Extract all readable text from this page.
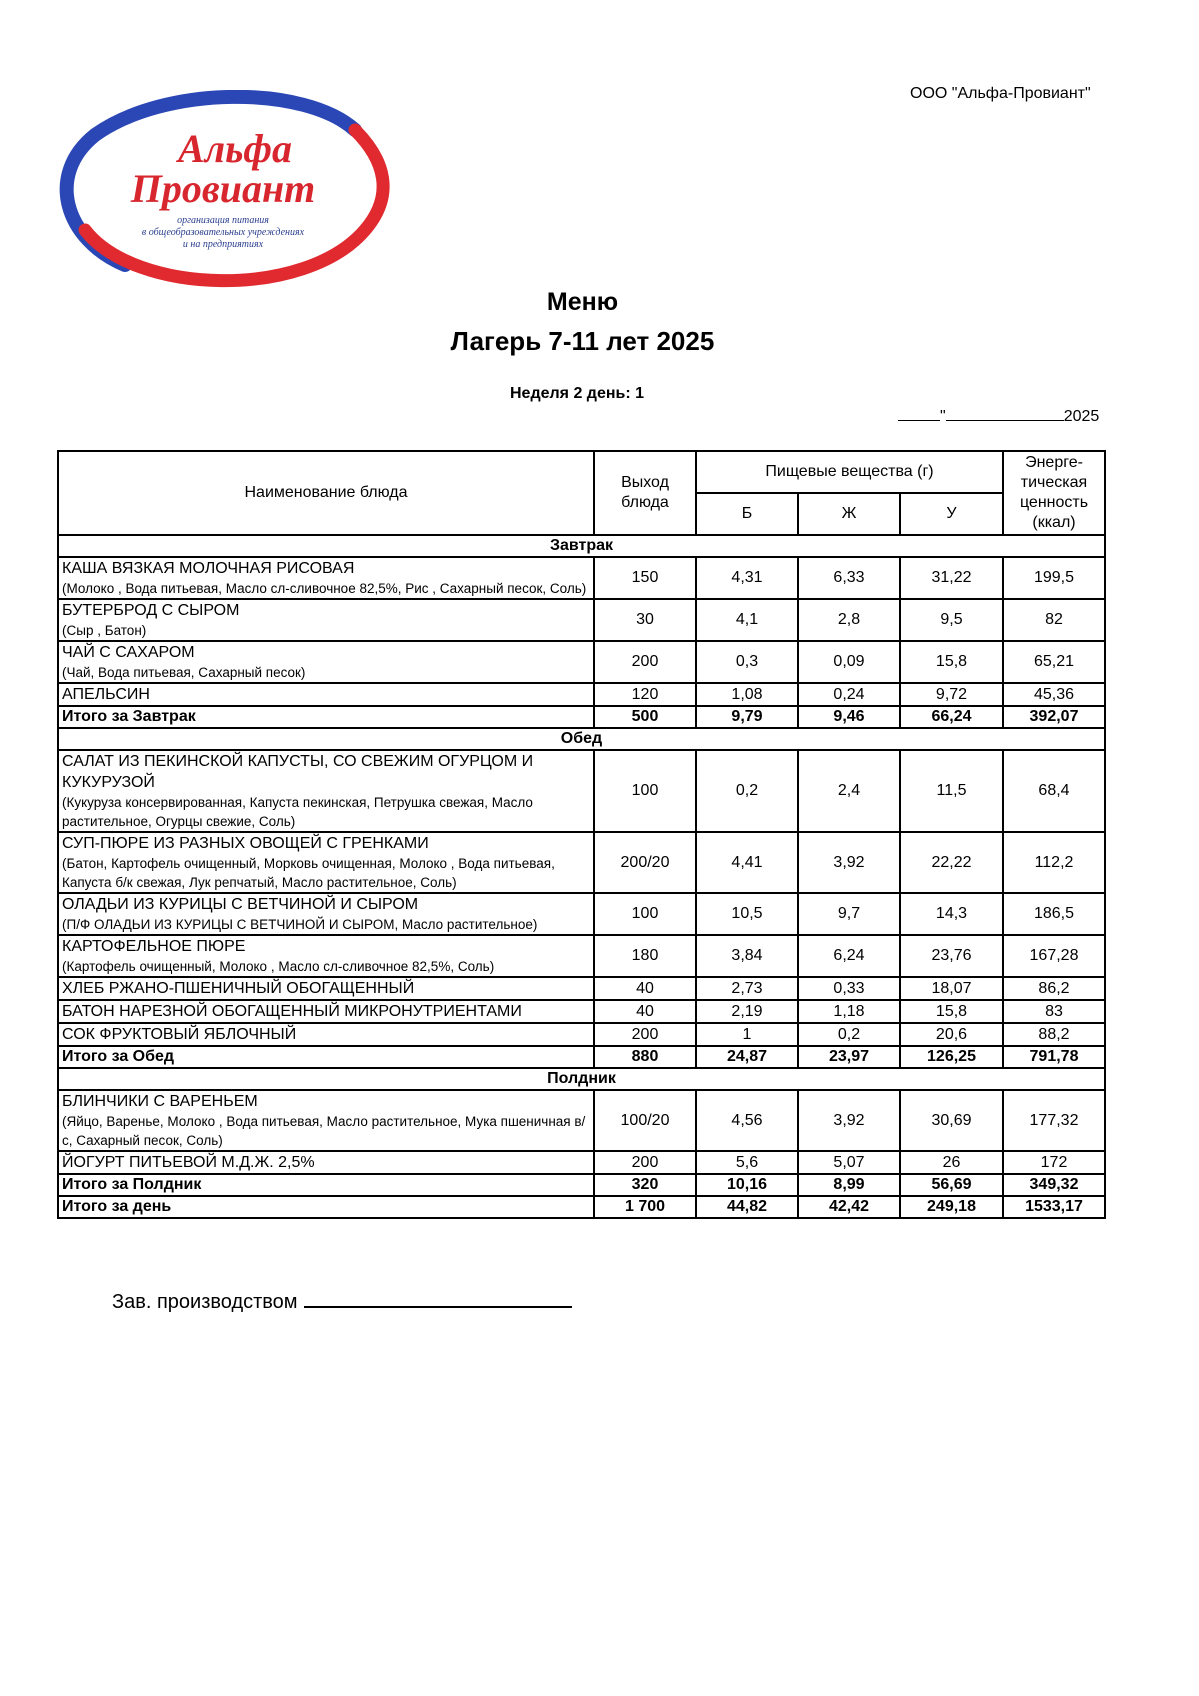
ООО "Альфа-Провиант"
Альфа
Провиант
организация питания
в общеобразовательных учреждениях
и на предприятиях
Меню
Лагерь 7-11 лет 2025
Неделя 2 день: 1
"	2025
Наименование блюда	Выход блюда	Пищевые вещества (г)			Энерге-тическая ценность (ккал)
		Б	Ж	У	
Завтрак					

КАША ВЯЗКАЯ МОЛОЧНАЯ РИСОВАЯ
(Молоко , Вода питьевая, Масло сл-сливочное 82,5%, Рис , Сахарный песок, Соль)	150	4,31	6,33	31,22	199,5

БУТЕРБРОД С СЫРОМ
(Сыр , Батон)	30	4,1	2,8	9,5	82

ЧАЙ С САХАРОМ
(Чай, Вода питьевая, Сахарный песок)	200	0,3	0,09	15,8	65,21

АПЕЛЬСИН	120	1,08	0,24	9,72	45,36
Итого за Завтрак	500	9,79	9,46	66,24	392,07
Обед					

САЛАТ ИЗ ПЕКИНСКОЙ КАПУСТЫ, СО СВЕЖИМ ОГУРЦОМ И КУКУРУЗОЙ
(Кукуруза консервированная, Капуста пекинская, Петрушка свежая, Масло растительное, Огурцы свежие, Соль)	100	0,2	2,4	11,5	68,4

СУП-ПЮРЕ ИЗ РАЗНЫХ ОВОЩЕЙ С ГРЕНКАМИ
(Батон, Картофель очищенный, Морковь очищенная, Молоко , Вода питьевая, Капуста б/к свежая, Лук репчатый, Масло растительное, Соль)	200/20	4,41	3,92	22,22	112,2

ОЛАДЬИ ИЗ КУРИЦЫ С ВЕТЧИНОЙ И СЫРОМ
(П/Ф ОЛАДЬИ ИЗ КУРИЦЫ С ВЕТЧИНОЙ И СЫРОМ, Масло растительное)	100	10,5	9,7	14,3	186,5

КАРТОФЕЛЬНОЕ ПЮРЕ
(Картофель очищенный, Молоко , Масло сл-сливочное 82,5%, Соль)	180	3,84	6,24	23,76	167,28

ХЛЕБ РЖАНО-ПШЕНИЧНЫЙ ОБОГАЩЕННЫЙ	40	2,73	0,33	18,07	86,2

БАТОН НАРЕЗНОЙ ОБОГАЩЕННЫЙ МИКРОНУТРИЕНТАМИ	40	2,19	1,18	15,8	83

СОК ФРУКТОВЫЙ ЯБЛОЧНЫЙ	200	1	0,2	20,6	88,2
Итого за Обед	880	24,87	23,97	126,25	791,78
Полдник					

БЛИНЧИКИ С ВАРЕНЬЕМ
(Яйцо, Варенье, Молоко , Вода питьевая, Масло растительное, Мука пшеничная в/с, Сахарный песок, Соль)	100/20	4,56	3,92	30,69	177,32

ЙОГУРТ ПИТЬЕВОЙ М.Д.Ж. 2,5%	200	5,6	5,07	26	172
Итого за Полдник	320	10,16	8,99	56,69	349,32
Итого за день	1 700	44,82	42,42	249,18	1533,17
Зав. производством
